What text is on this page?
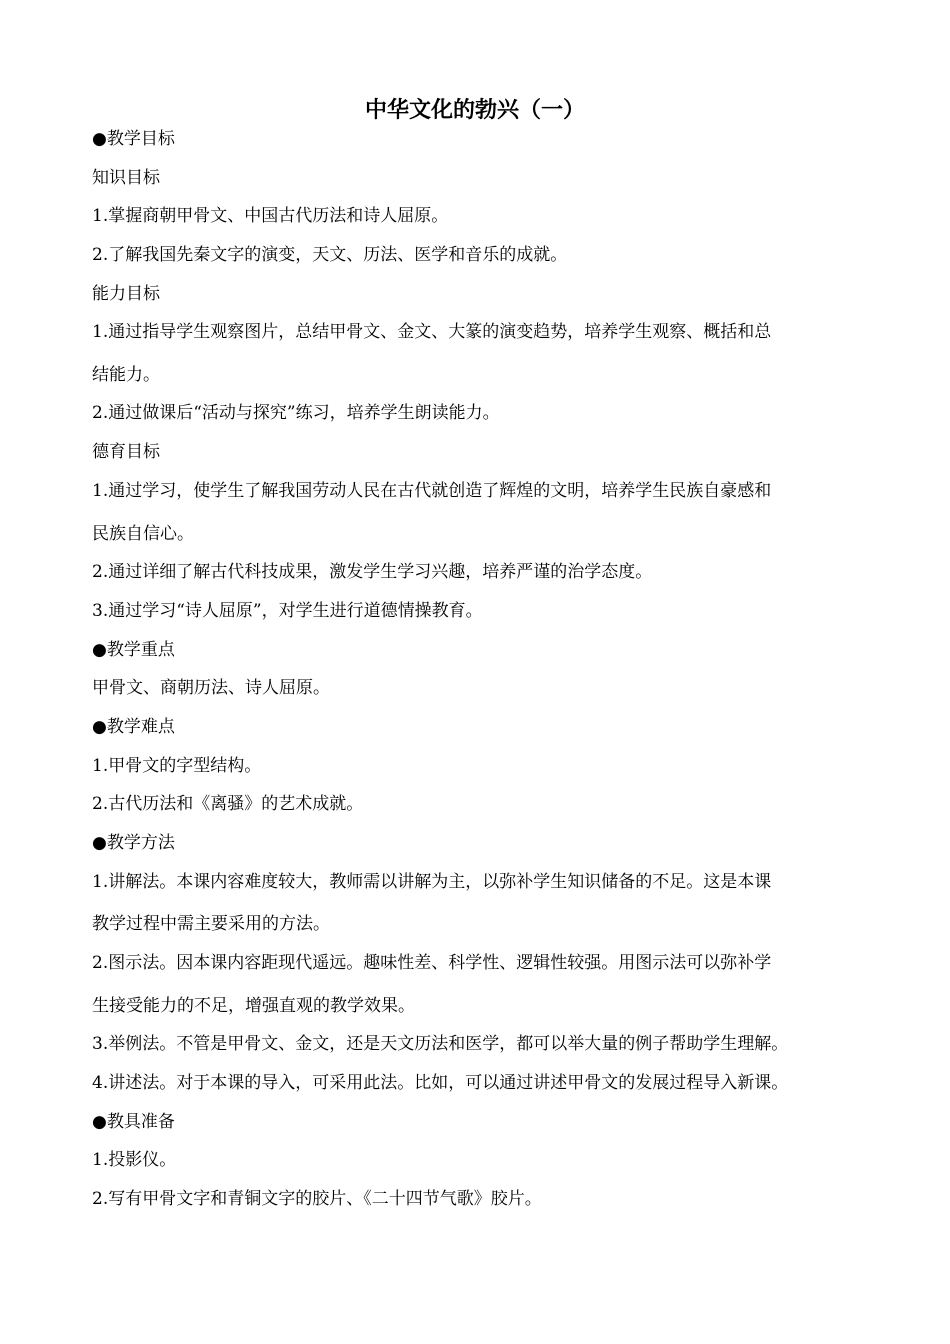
中华文化的勃兴（一）
●教学目标
知识目标
1.掌握商朝甲骨文、中国古代历法和诗人屈原。
2.了解我国先秦文字的演变，天文、历法、医学和音乐的成就。
能力目标
1.通过指导学生观察图片，总结甲骨文、金文、大篆的演变趋势，培养学生观察、概括和总
结能力。
2.通过做课后“活动与探究”练习，培养学生朗读能力。
德育目标
1.通过学习，使学生了解我国劳动人民在古代就创造了辉煌的文明，培养学生民族自豪感和
民族自信心。
2.通过详细了解古代科技成果，激发学生学习兴趣，培养严谨的治学态度。
3.通过学习“诗人屈原”，对学生进行道德情操教育。
●教学重点
甲骨文、商朝历法、诗人屈原。
●教学难点
1.甲骨文的字型结构。
2.古代历法和《离骚》的艺术成就。
●教学方法
1.讲解法。本课内容难度较大，教师需以讲解为主，以弥补学生知识储备的不足。这是本课
教学过程中需主要采用的方法。
2.图示法。因本课内容距现代遥远。趣味性差、科学性、逻辑性较强。用图示法可以弥补学
生接受能力的不足，增强直观的教学效果。
3.举例法。不管是甲骨文、金文，还是天文历法和医学，都可以举大量的例子帮助学生理解。
4.讲述法。对于本课的导入，可采用此法。比如，可以通过讲述甲骨文的发展过程导入新课。
●教具准备
1.投影仪。
2.写有甲骨文字和青铜文字的胶片、《二十四节气歌》胶片。
